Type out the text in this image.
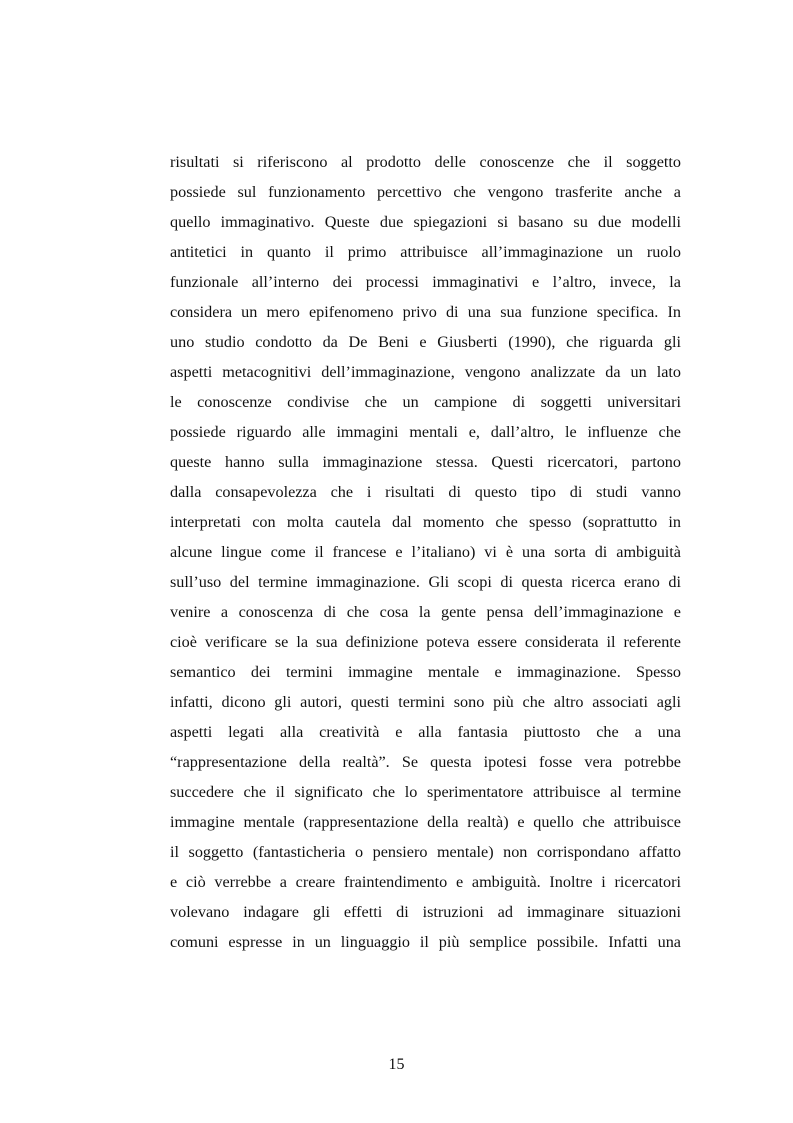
risultati si riferiscono al prodotto delle conoscenze che il soggetto
possiede sul funzionamento percettivo che vengono trasferite anche a
quello immaginativo. Queste due spiegazioni si basano su due modelli
antitetici in quanto il primo attribuisce all’immaginazione un ruolo
funzionale all’interno dei processi immaginativi e l’altro, invece, la
considera un mero epifenomeno privo di una sua funzione specifica. In
uno studio condotto da De Beni e Giusberti (1990), che riguarda gli
aspetti metacognitivi dell’immaginazione, vengono analizzate da un lato
le conoscenze condivise che un campione di soggetti universitari
possiede riguardo alle immagini mentali e, dall’altro, le influenze che
queste hanno sulla immaginazione stessa. Questi ricercatori, partono
dalla consapevolezza che i risultati di questo tipo di studi vanno
interpretati con molta cautela dal momento che spesso (soprattutto in
alcune lingue come il francese e l’italiano) vi è una sorta di ambiguità
sull’uso del termine immaginazione. Gli scopi di questa ricerca erano di
venire a conoscenza di che cosa la gente pensa dell’immaginazione e
cioè verificare se la sua definizione poteva essere considerata il referente
semantico dei termini immagine mentale e immaginazione. Spesso
infatti, dicono gli autori, questi termini sono più che altro associati agli
aspetti legati alla creatività e alla fantasia piuttosto che a una
“rappresentazione della realtà”. Se questa ipotesi fosse vera potrebbe
succedere che il significato che lo sperimentatore attribuisce al termine
immagine mentale (rappresentazione della realtà) e quello che attribuisce
il soggetto (fantasticheria o pensiero mentale) non corrispondano affatto
e ciò verrebbe a creare fraintendimento e ambiguità. Inoltre i ricercatori
volevano indagare gli effetti di istruzioni ad immaginare situazioni
comuni espresse in un linguaggio il più semplice possibile. Infatti una
15
